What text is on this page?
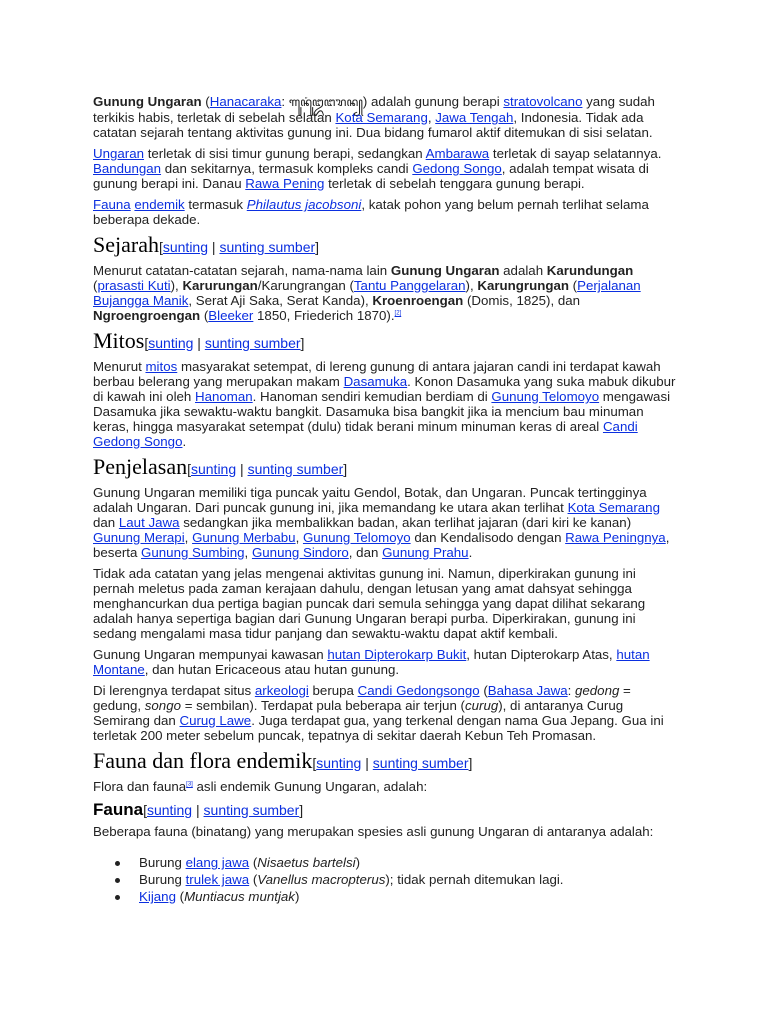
Gunung Ungaran (Hanacaraka: ꦒꦸꦤꦸꦁꦈꦔꦫꦤ꧀) adalah gunung berapi stratovolcano yang sudah terkikis habis, terletak di sebelah selatan Kota Semarang, Jawa Tengah, Indonesia. Tidak ada catatan sejarah tentang aktivitas gunung ini. Dua bidang fumarol aktif ditemukan di sisi selatan.

Ungaran terletak di sisi timur gunung berapi, sedangkan Ambarawa terletak di sayap selatannya. Bandungan dan sekitarnya, termasuk kompleks candi Gedong Songo, adalah tempat wisata di gunung berapi ini. Danau Rawa Pening terletak di sebelah tenggara gunung berapi.

Fauna endemik termasuk Philautus jacobsoni, katak pohon yang belum pernah terlihat selama beberapa dekade.

Sejarah[sunting | sunting sumber]

Menurut catatan-catatan sejarah, nama-nama lain Gunung Ungaran adalah Karundungan (prasasti Kuti), Karurungan/Karungrangan (Tantu Panggelaran), Karungrungan (Perjalanan Bujangga Manik, Serat Aji Saka, Serat Kanda), Kroenroengan (Domis, 1825), dan Ngroengroengan (Bleeker 1850, Friederich 1870).[2]

Mitos[sunting | sunting sumber]

Menurut mitos masyarakat setempat, di lereng gunung di antara jajaran candi ini terdapat kawah berbau belerang yang merupakan makam Dasamuka. Konon Dasamuka yang suka mabuk dikubur di kawah ini oleh Hanoman. Hanoman sendiri kemudian berdiam di Gunung Telomoyo mengawasi Dasamuka jika sewaktu-waktu bangkit. Dasamuka bisa bangkit jika ia mencium bau minuman keras, hingga masyarakat setempat (dulu) tidak berani minum minuman keras di areal Candi Gedong Songo.

Penjelasan[sunting | sunting sumber]

Gunung Ungaran memiliki tiga puncak yaitu Gendol, Botak, dan Ungaran. Puncak tertingginya adalah Ungaran. Dari puncak gunung ini, jika memandang ke utara akan terlihat Kota Semarang dan Laut Jawa sedangkan jika membalikkan badan, akan terlihat jajaran (dari kiri ke kanan) Gunung Merapi, Gunung Merbabu, Gunung Telomoyo dan Kendalisodo dengan Rawa Peningnya, beserta Gunung Sumbing, Gunung Sindoro, dan Gunung Prahu.

Tidak ada catatan yang jelas mengenai aktivitas gunung ini. Namun, diperkirakan gunung ini pernah meletus pada zaman kerajaan dahulu, dengan letusan yang amat dahsyat sehingga menghancurkan dua pertiga bagian puncak dari semula sehingga yang dapat dilihat sekarang adalah hanya sepertiga bagian dari Gunung Ungaran berapi purba. Diperkirakan, gunung ini sedang mengalami masa tidur panjang dan sewaktu-waktu dapat aktif kembali.

Gunung Ungaran mempunyai kawasan hutan Dipterokarp Bukit, hutan Dipterokarp Atas, hutan Montane, dan hutan Ericaceous atau hutan gunung.

Di lerengnya terdapat situs arkeologi berupa Candi Gedongsongo (Bahasa Jawa: gedong = gedung, songo = sembilan). Terdapat pula beberapa air terjun (curug), di antaranya Curug Semirang dan Curug Lawe. Juga terdapat gua, yang terkenal dengan nama Gua Jepang. Gua ini terletak 200 meter sebelum puncak, tepatnya di sekitar daerah Kebun Teh Promasan.

Fauna dan flora endemik[sunting | sunting sumber]

Flora dan fauna[3] asli endemik Gunung Ungaran, adalah:

Fauna[sunting | sunting sumber]

Beberapa fauna (binatang) yang merupakan spesies asli gunung Ungaran di antaranya adalah:

Burung elang jawa (Nisaetus bartelsi)
Burung trulek jawa (Vanellus macropterus); tidak pernah ditemukan lagi.
Kijang (Muntiacus muntjak)
